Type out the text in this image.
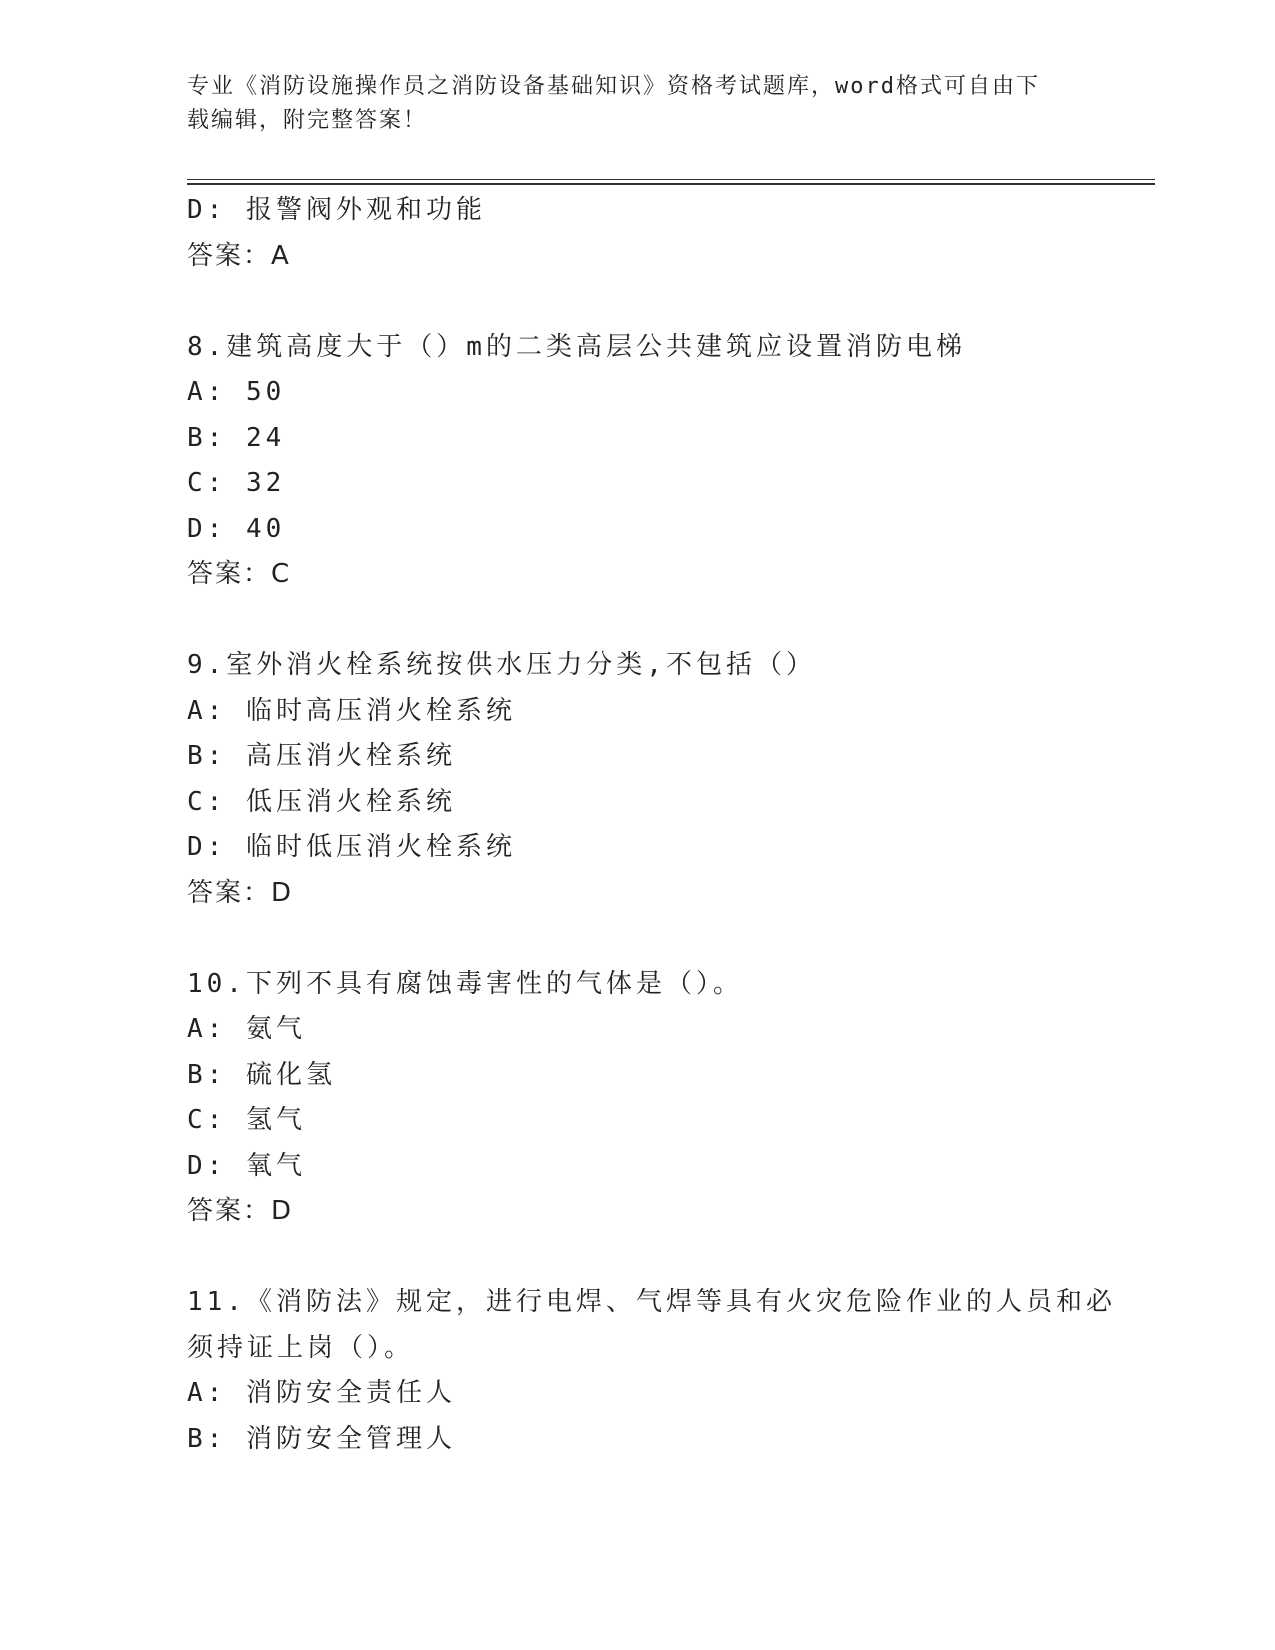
专业《消防设施操作员之消防设备基础知识》资格考试题库，word格式可自由下
载编辑，附完整答案！
D: 报警阀外观和功能
答案：A
8.建筑高度大于（）m的二类高层公共建筑应设置消防电梯
A: 50
B: 24
C: 32
D: 40
答案：C
9.室外消火栓系统按供水压力分类,不包括（）
A: 临时高压消火栓系统
B: 高压消火栓系统
C: 低压消火栓系统
D: 临时低压消火栓系统
答案：D
10.下列不具有腐蚀毒害性的气体是（）。
A: 氨气
B: 硫化氢
C: 氢气
D: 氧气
答案：D
11.《消防法》规定，进行电焊、气焊等具有火灾危险作业的人员和必
须持证上岗（）。
A: 消防安全责任人
B: 消防安全管理人
